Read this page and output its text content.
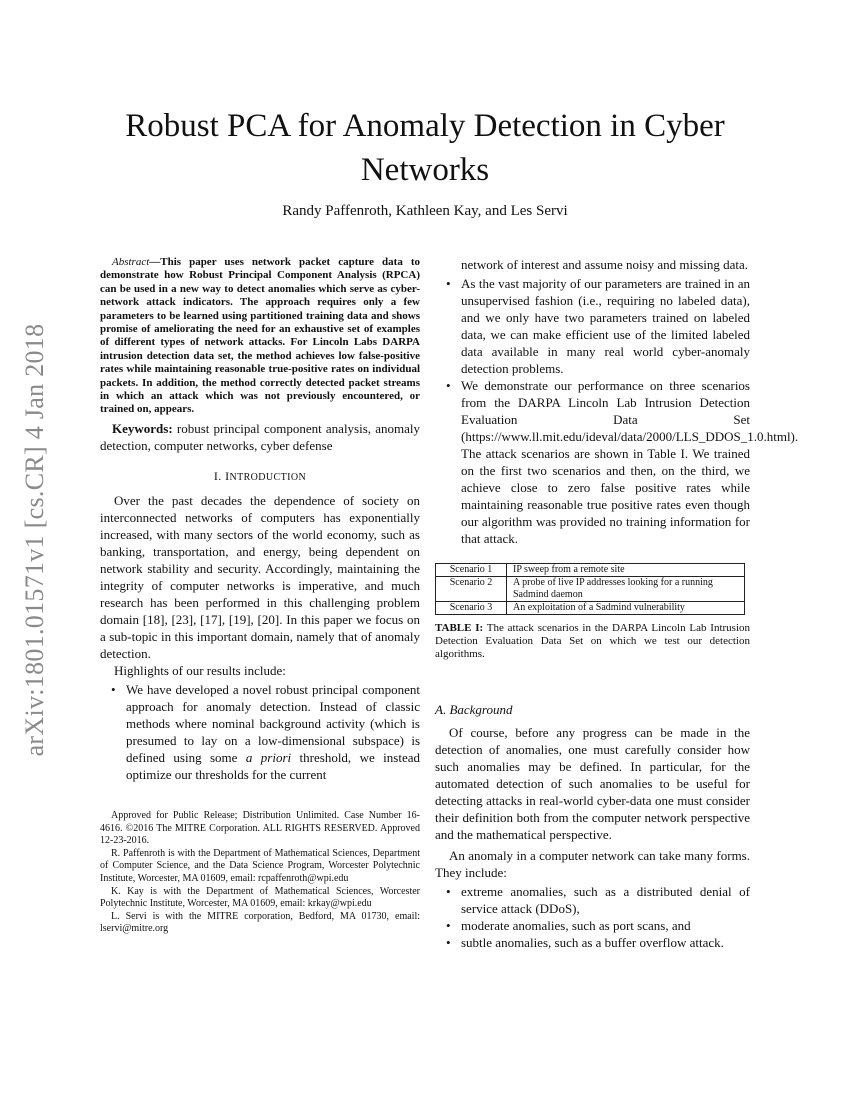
arXiv:1801.01571v1 [cs.CR] 4 Jan 2018
Robust PCA for Anomaly Detection in Cyber
Networks
Randy Paffenroth, Kathleen Kay, and Les Servi

Abstract—This paper uses network packet capture data to demonstrate how Robust Principal Component Analysis (RPCA) can be used in a new way to detect anomalies which serve as cyber-network attack indicators. The approach requires only a few parameters to be learned using partitioned training data and shows promise of ameliorating the need for an exhaustive set of examples of different types of network attacks. For Lincoln Labs DARPA intrusion detection data set, the method achieves low false-positive rates while maintaining reasonable true-positive rates on individual packets. In addition, the method correctly detected packet streams in which an attack which was not previously encountered, or trained on, appears.

Keywords: robust principal component analysis, anomaly detection, computer networks, cyber defense

I. INTRODUCTION

Over the past decades the dependence of society on interconnected networks of computers has exponentially increased, with many sectors of the world economy, such as banking, transportation, and energy, being dependent on network stability and security. Accordingly, maintaining the integrity of computer networks is imperative, and much research has been performed in this challenging problem domain [18], [23], [17], [19], [20]. In this paper we focus on a sub-topic in this important domain, namely that of anomaly detection.

Highlights of our results include:

• We have developed a novel robust principal component approach for anomaly detection. Instead of classic methods where nominal background activity (which is presumed to lay on a low-dimensional subspace) is defined using some a priori threshold, we instead optimize our thresholds for the current

Approved for Public Release; Distribution Unlimited. Case Number 16-4616. ©2016 The MITRE Corporation. ALL RIGHTS RESERVED. Approved 12-23-2016.

R. Paffenroth is with the Department of Mathematical Sciences, Department of Computer Science, and the Data Science Program, Worcester Polytechnic Institute, Worcester, MA 01609, email: rcpaffenroth@wpi.edu

K. Kay is with the Department of Mathematical Sciences, Worcester Polytechnic Institute, Worcester, MA 01609, email: krkay@wpi.edu

L. Servi is with the MITRE corporation, Bedford, MA 01730, email: lservi@mitre.org

network of interest and assume noisy and missing data.

• As the vast majority of our parameters are trained in an unsupervised fashion (i.e., requiring no labeled data), and we only have two parameters trained on labeled data, we can make efficient use of the limited labeled data available in many real world cyber-anomaly detection problems.
• We demonstrate our performance on three scenarios from the DARPA Lincoln Lab Intrusion Detection Evaluation Data Set (https://www.ll.mit.edu/ideval/data/2000/LLS_DDOS_1.0.html). The attack scenarios are shown in Table I. We trained on the first two scenarios and then, on the third, we achieve close to zero false positive rates while maintaining reasonable true positive rates even though our algorithm was provided no training information for that attack.
Scenario 1	IP sweep from a remote site
Scenario 2	A probe of live IP addresses looking for a running Sadmind daemon
Scenario 3	An exploitation of a Sadmind vulnerability

TABLE I: The attack scenarios in the DARPA Lincoln Lab Intrusion Detection Evaluation Data Set on which we test our detection algorithms.

A. Background

Of course, before any progress can be made in the detection of anomalies, one must carefully consider how such anomalies may be defined. In particular, for the automated detection of such anomalies to be useful for detecting attacks in real-world cyber-data one must consider their definition both from the computer network perspective and the mathematical perspective.

An anomaly in a computer network can take many forms. They include:

• extreme anomalies, such as a distributed denial of service attack (DDoS),
• moderate anomalies, such as port scans, and
• subtle anomalies, such as a buffer overflow attack.
